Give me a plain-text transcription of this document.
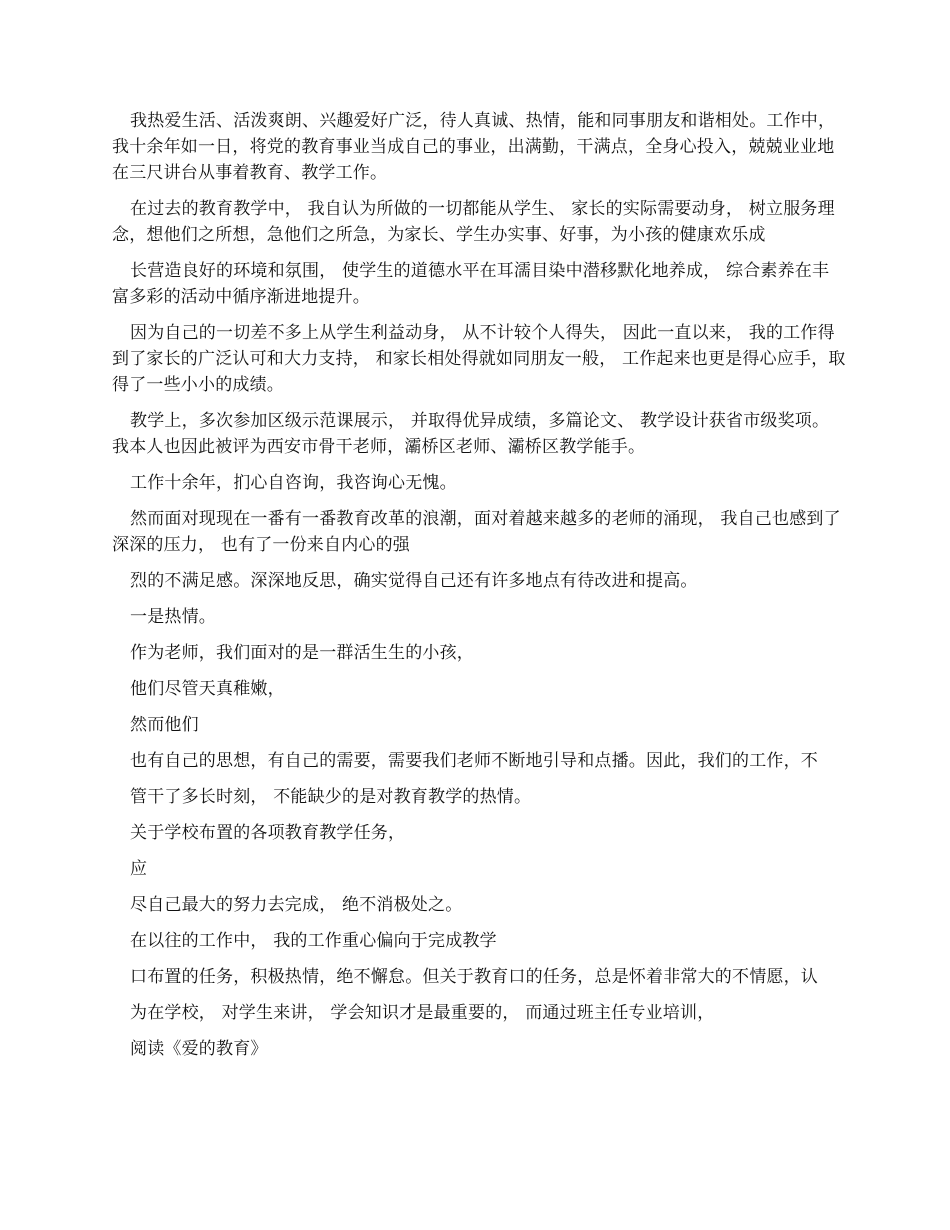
我热爱生活、活泼爽朗、兴趣爱好广泛，待人真诚、热情，能和同事朋友和谐相处。工作中，我十余年如一日，将党的教育事业当成自己的事业，出满勤，干满点，全身心投入，兢兢业业地在三尺讲台从事着教育、教学工作。

在过去的教育教学中， 我自认为所做的一切都能从学生、 家长的实际需要动身， 树立服务理念，想他们之所想，急他们之所急，为家长、学生办实事、好事，为小孩的健康欢乐成

长营造良好的环境和氛围， 使学生的道德水平在耳濡目染中潜移默化地养成， 综合素养在丰富多彩的活动中循序渐进地提升。

因为自己的一切差不多上从学生利益动身， 从不计较个人得失， 因此一直以来， 我的工作得到了家长的广泛认可和大力支持， 和家长相处得就如同朋友一般， 工作起来也更是得心应手，取得了一些小小的成绩。

教学上，多次参加区级示范课展示， 并取得优异成绩，多篇论文、 教学设计获省市级奖项。我本人也因此被评为西安市骨干老师，灞桥区老师、灞桥区教学能手。

工作十余年，扪心自咨询，我咨询心无愧。

然而面对现现在一番有一番教育改革的浪潮，面对着越来越多的老师的涌现， 我自己也感到了深深的压力， 也有了一份来自内心的强

烈的不满足感。深深地反思，确实觉得自己还有许多地点有待改进和提高。

一是热情。

作为老师，我们面对的是一群活生生的小孩，

他们尽管天真稚嫩，

然而他们

也有自己的思想，有自己的需要，需要我们老师不断地引导和点播。因此，我们的工作，不

管干了多长时刻， 不能缺少的是对教育教学的热情。

关于学校布置的各项教育教学任务，

应

尽自己最大的努力去完成， 绝不消极处之。

在以往的工作中， 我的工作重心偏向于完成教学

口布置的任务，积极热情，绝不懈怠。但关于教育口的任务，总是怀着非常大的不情愿，认

为在学校， 对学生来讲， 学会知识才是最重要的， 而通过班主任专业培训，

阅读《爱的教育》
